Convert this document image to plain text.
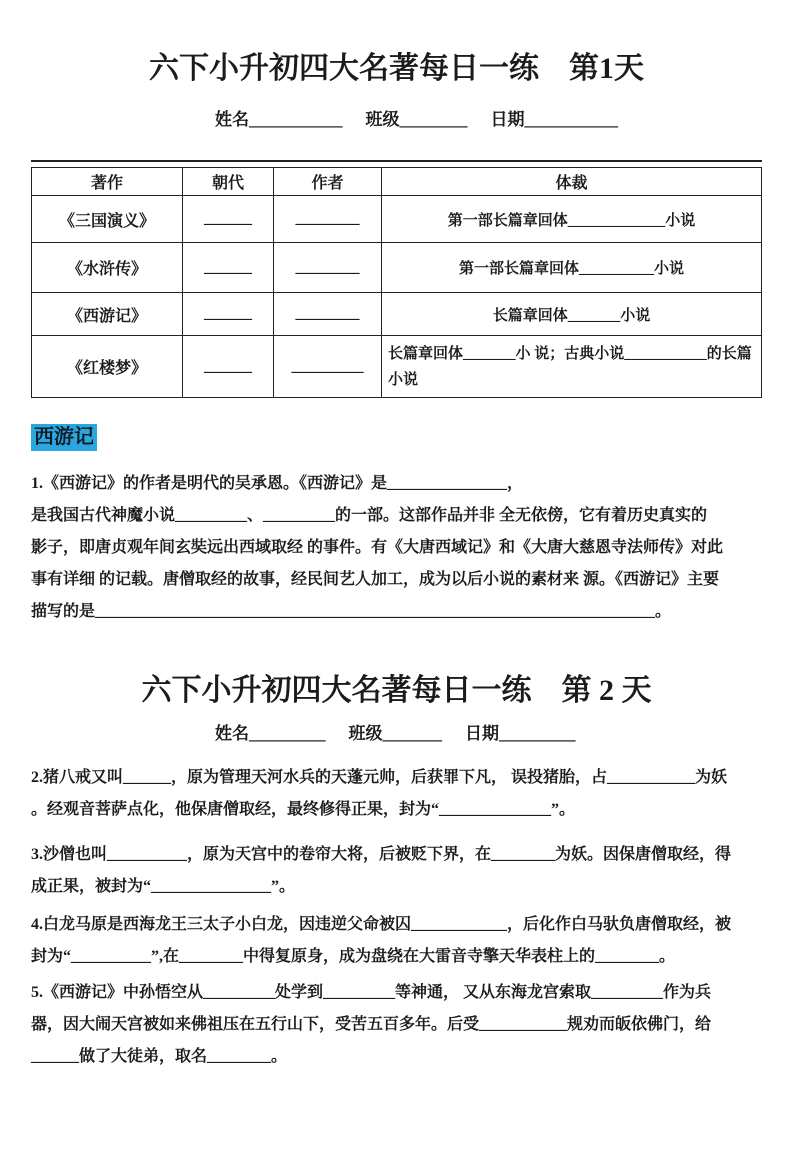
六下小升初四大名著每日一练　第1天
姓名___________ 班级________ 日期___________
著作	朝代	作者	体裁
《三国演义》	______	________	第一部长篇章回体_____________小说
《水浒传》	______	________	第一部长篇章回体__________小说
《西游记》	______	________	长篇章回体_______小说
《红楼梦》	______	_________	长篇章回体_______小 说；古典小说___________的长篇
小说
西游记
1.《西游记》的作者是明代的吴承恩。《西游记》是_______________，
是我国古代神魔小说_________、_________的一部。这部作品并非 全无依傍，它有着历史真实的
影子，即唐贞观年间玄奘远出西域取经 的事件。有《大唐西域记》和《大唐大慈恩寺法师传》对此
事有详细 的记载。唐僧取经的故事，经民间艺人加工，成为以后小说的素材来 源。《西游记》主要
描写的是______________________________________________________________________。
六下小升初四大名著每日一练　第 2 天
姓名_________ 班级_______ 日期_________
2.猪八戒又叫______，原为管理天河水兵的天蓬元帅，后获罪下凡， 误投猪胎，占___________为妖
。经观音菩萨点化，他保唐僧取经，最终修得正果，封为“______________”。
3.沙僧也叫__________，原为天宫中的卷帘大将，后被贬下界，在________为妖。因保唐僧取经，得
成正果，被封为“_______________”。
4.白龙马原是西海龙王三太子小白龙，因违逆父命被囚____________，后化作白马驮负唐僧取经，被
封为“__________”,在________中得复原身，成为盘绕在大雷音寺擎天华表柱上的________。
5.《西游记》中孙悟空从_________处学到_________等神通， 又从东海龙宫索取_________作为兵
器，因大闹天宫被如来佛祖压在五行山下，受苦五百多年。后受___________规劝而皈依佛门，给
______做了大徒弟，取名________。
